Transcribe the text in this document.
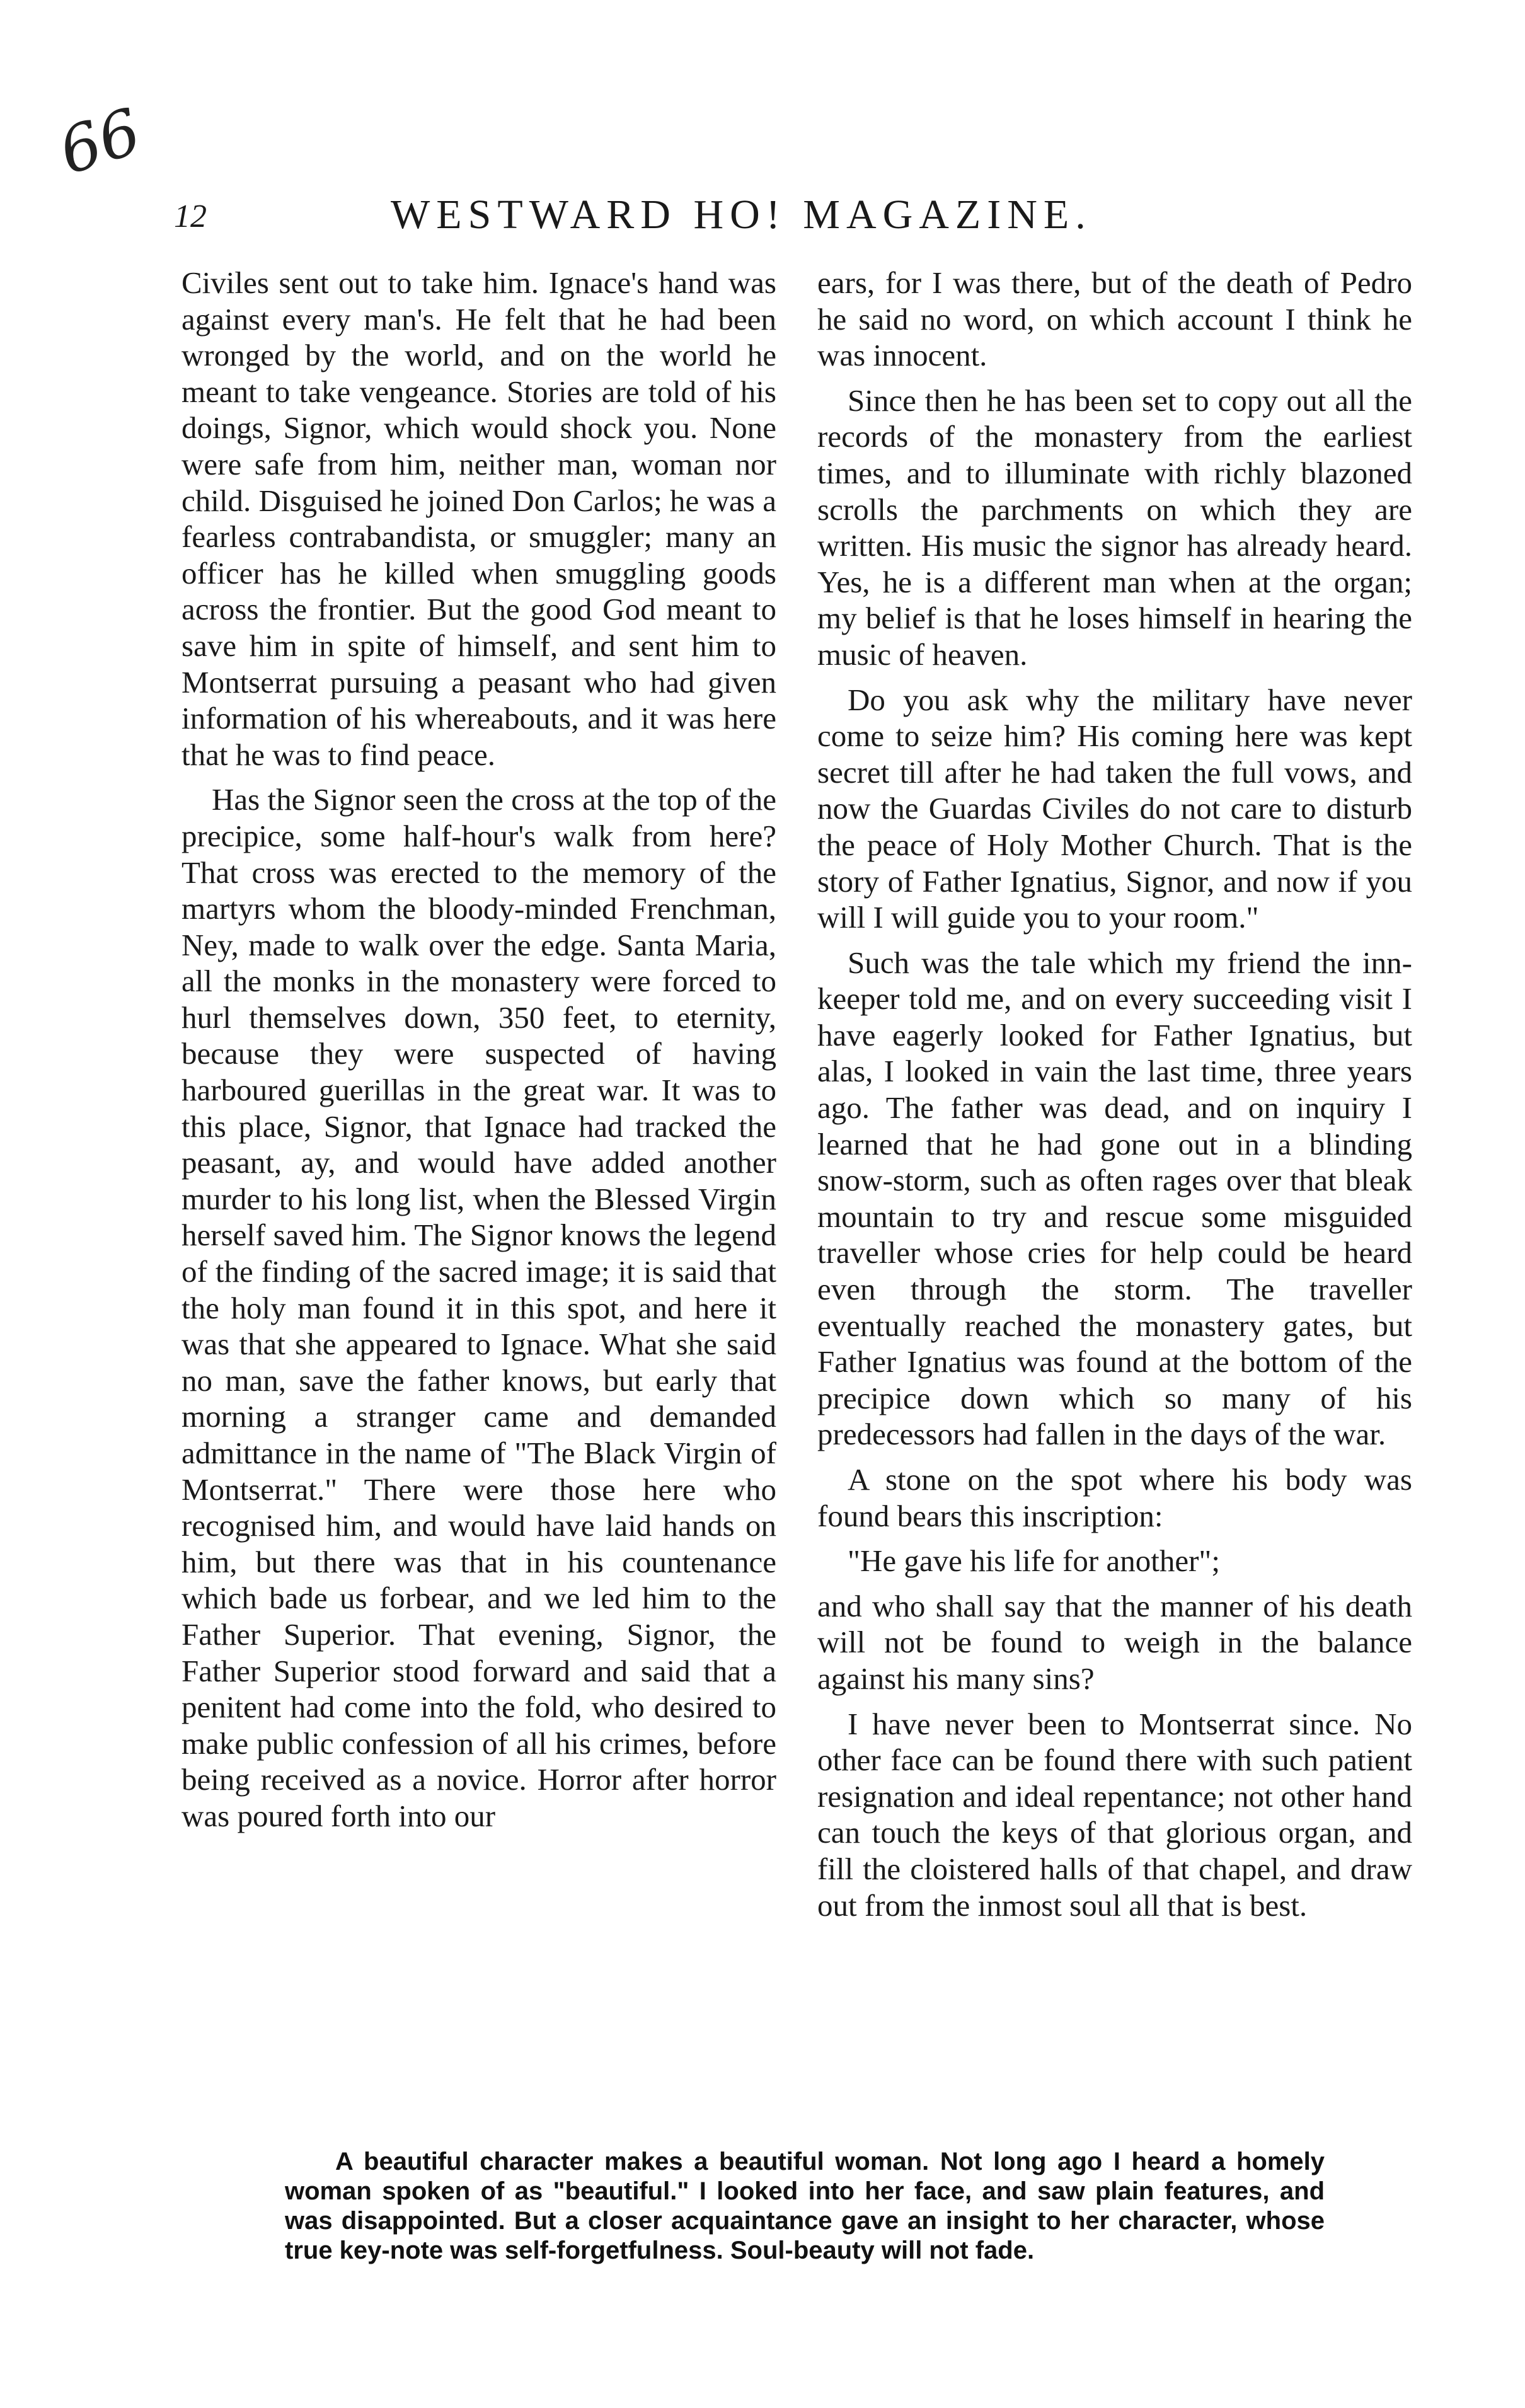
66
12	WESTWARD HO! MAGAZINE.

Civiles sent out to take him. Ignace's hand was against every man's. He felt that he had been wronged by the world, and on the world he meant to take vengeance. Stories are told of his doings, Signor, which would shock you. None were safe from him, neither man, woman nor child. Disguised he joined Don Carlos; he was a fearless contrabandista, or smuggler; many an officer has he killed when smuggling goods across the frontier. But the good God meant to save him in spite of himself, and sent him to Montserrat pursuing a peasant who had given information of his whereabouts, and it was here that he was to find peace.

Has the Signor seen the cross at the top of the precipice, some half-hour's walk from here? That cross was erected to the memory of the martyrs whom the bloody-minded Frenchman, Ney, made to walk over the edge. Santa Maria, all the monks in the monastery were forced to hurl themselves down, 350 feet, to eternity, because they were suspected of having harboured guerillas in the great war. It was to this place, Signor, that Ignace had tracked the peasant, ay, and would have added another murder to his long list, when the Blessed Virgin herself saved him. The Signor knows the legend of the finding of the sacred image; it is said that the holy man found it in this spot, and here it was that she appeared to Ignace. What she said no man, save the father knows, but early that morning a stranger came and demanded admittance in the name of "The Black Virgin of Montserrat." There were those here who recognised him, and would have laid hands on him, but there was that in his countenance which bade us forbear, and we led him to the Father Superior. That evening, Signor, the Father Superior stood forward and said that a penitent had come into the fold, who desired to make public confession of all his crimes, before being received as a novice. Horror after horror was poured forth into our

ears, for I was there, but of the death of Pedro he said no word, on which account I think he was innocent.

Since then he has been set to copy out all the records of the monastery from the earliest times, and to illuminate with richly blazoned scrolls the parchments on which they are written. His music the signor has already heard. Yes, he is a different man when at the organ; my belief is that he loses himself in hearing the music of heaven.

Do you ask why the military have never come to seize him? His coming here was kept secret till after he had taken the full vows, and now the Guardas Civiles do not care to disturb the peace of Holy Mother Church. That is the story of Father Ignatius, Signor, and now if you will I will guide you to your room."

Such was the tale which my friend the inn-keeper told me, and on every succeeding visit I have eagerly looked for Father Ignatius, but alas, I looked in vain the last time, three years ago. The father was dead, and on inquiry I learned that he had gone out in a blinding snow-storm, such as often rages over that bleak mountain to try and rescue some misguided traveller whose cries for help could be heard even through the storm. The traveller eventually reached the monastery gates, but Father Ignatius was found at the bottom of the precipice down which so many of his predecessors had fallen in the days of the war.

A stone on the spot where his body was found bears this inscription:

"He gave his life for another";

and who shall say that the manner of his death will not be found to weigh in the balance against his many sins?

I have never been to Montserrat since. No other face can be found there with such patient resignation and ideal repentance; not other hand can touch the keys of that glorious organ, and fill the cloistered halls of that chapel, and draw out from the inmost soul all that is best.

A beautiful character makes a beautiful woman. Not long ago I heard a homely woman spoken of as "beautiful." I looked into her face, and saw plain features, and was disappointed. But a closer acquaintance gave an insight to her character, whose true key-note was self-forgetfulness. Soul-beauty will not fade.
